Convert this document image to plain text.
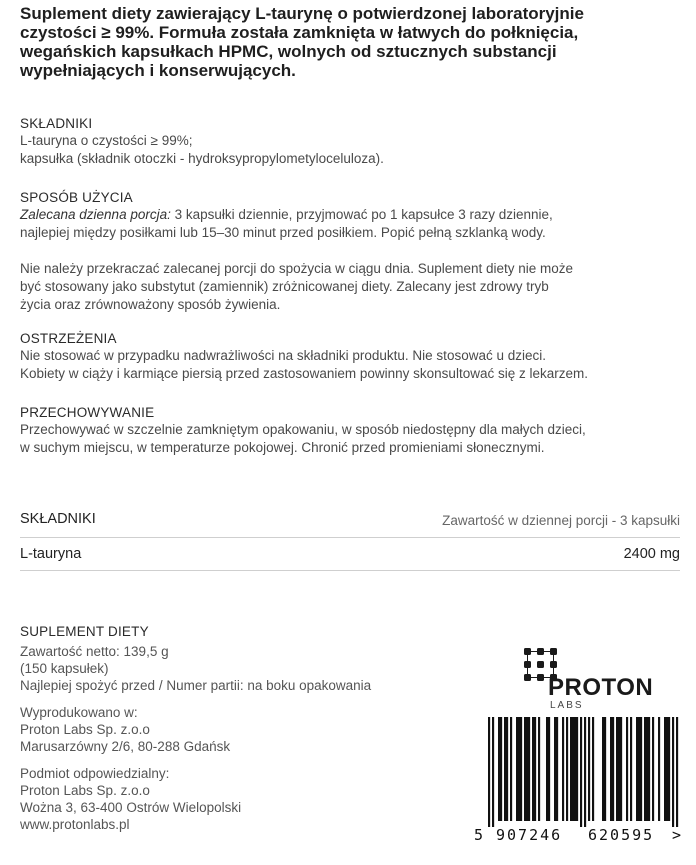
Suplement diety zawierający L-taurynę o potwierdzonej laboratoryjnie
czystości ≥ 99%. Formuła została zamknięta w łatwych do połknięcia,
wegańskich kapsułkach HPMC, wolnych od sztucznych substancji
wypełniających i konserwujących.
SKŁADNIKI
L-tauryna o czystości ≥ 99%;
kapsułka (składnik otoczki - hydroksypropylometyloceluloza).
SPOSÓB UŻYCIA
Zalecana dzienna porcja: 3 kapsułki dziennie, przyjmować po 1 kapsułce 3 razy dziennie,
najlepiej między posiłkami lub 15–30 minut przed posiłkiem. Popić pełną szklanką wody.
Nie należy przekraczać zalecanej porcji do spożycia w ciągu dnia. Suplement diety nie może
być stosowany jako substytut (zamiennik) zróżnicowanej diety. Zalecany jest zdrowy tryb
życia oraz zrównoważony sposób żywienia.
OSTRZEŻENIA
Nie stosować w przypadku nadwrażliwości na składniki produktu. Nie stosować u dzieci.
Kobiety w ciąży i karmiące piersią przed zastosowaniem powinny skonsultować się z lekarzem.
PRZECHOWYWANIE
Przechowywać w szczelnie zamkniętym opakowaniu, w sposób niedostępny dla małych dzieci,
w suchym miejscu, w temperaturze pokojowej. Chronić przed promieniami słonecznymi.
SKŁADNIKI	Zawartość w dziennej porcji - 3 kapsułki
L-tauryna	2400 mg
SUPLEMENT DIETY
Zawartość netto: 139,5 g
(150 kapsułek)
Najlepiej spożyć przed / Numer partii: na boku opakowania
Wyprodukowano w:
Proton Labs Sp. z.o.o
Marusarzówny 2/6, 80-288 Gdańsk
Podmiot odpowiedzialny:
Proton Labs Sp. z.o.o
Wożna 3, 63-400 Ostrów Wielopolski
www.protonlabs.pl
PROTON
LABS
5 907246 620595 >
